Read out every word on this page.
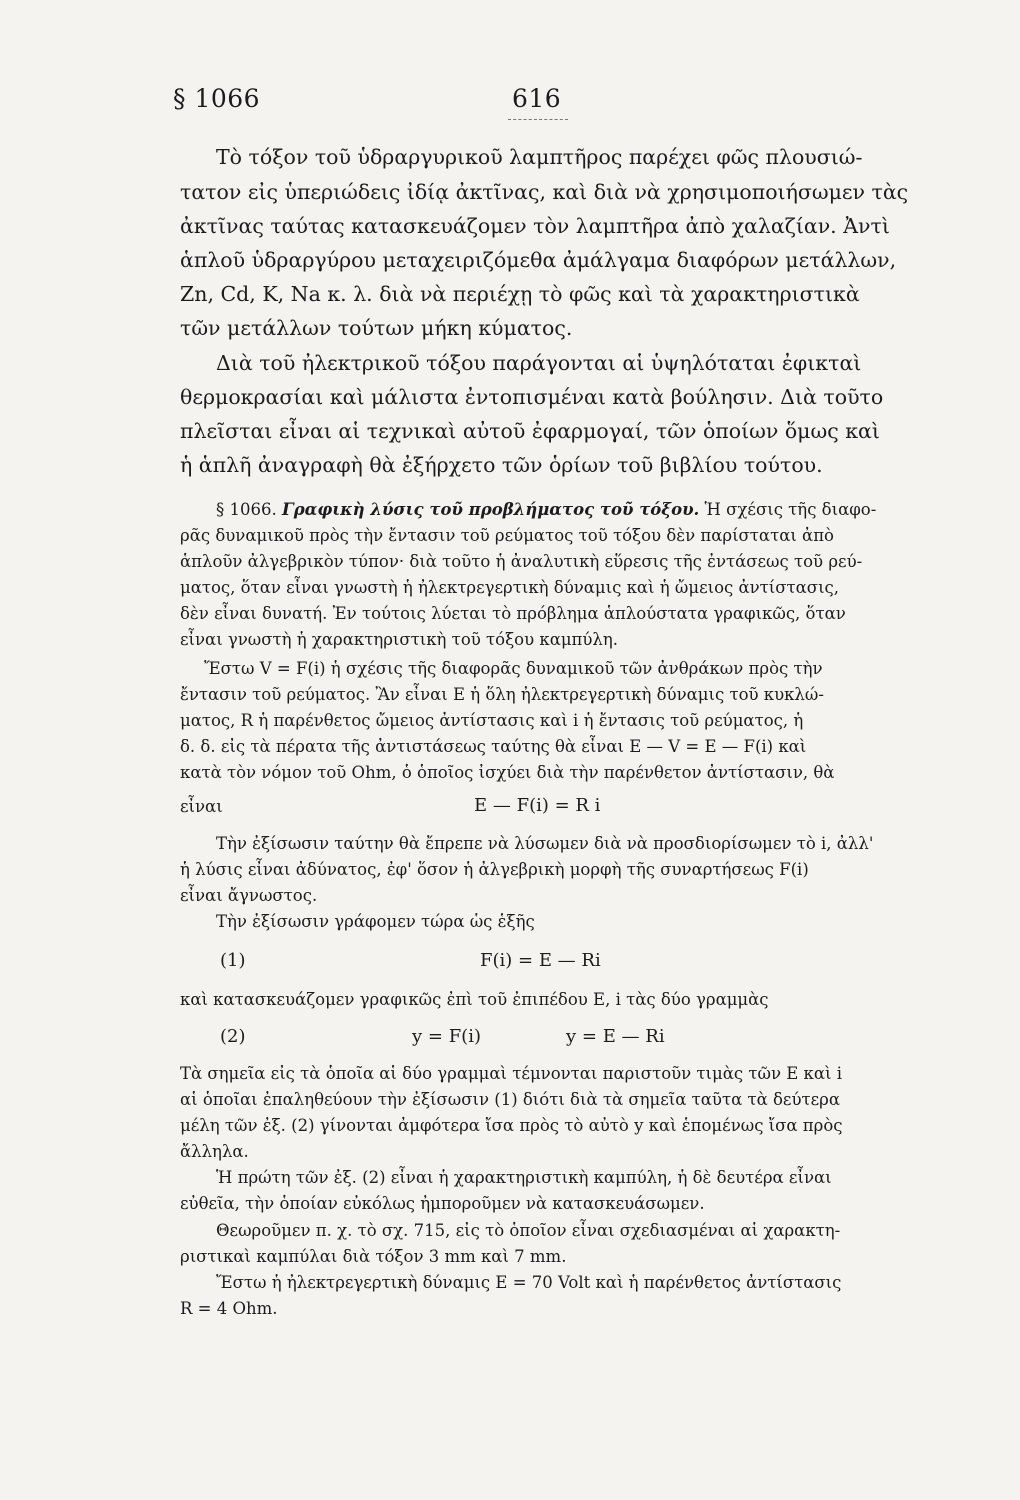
§ 1066	616
Τὸ τόξον τοῦ ὑδραργυρικοῦ λαμπτῆρος παρέχει φῶς πλουσιώ-
τατον εἰς ὑπεριώδεις ἰδίᾳ ἀκτῖνας, καὶ διὰ νὰ χρησιμοποιήσωμεν τὰς
ἀκτῖνας ταύτας κατασκευάζομεν τὸν λαμπτῆρα ἀπὸ χαλαζίαν. Ἀντὶ
ἁπλοῦ ὑδραργύρου μεταχειριζόμεθα ἀμάλγαμα διαφόρων μετάλλων,
Zn, Cd, K, Na κ. λ. διὰ νὰ περιέχῃ τὸ φῶς καὶ τὰ χαρακτηριστικὰ
τῶν μετάλλων τούτων μήκη κύματος.
Διὰ τοῦ ἠλεκτρικοῦ τόξου παράγονται αἱ ὑψηλόταται ἐφικταὶ
θερμοκρασίαι καὶ μάλιστα ἐντοπισμέναι κατὰ βούλησιν. Διὰ τοῦτο
πλεῖσται εἶναι αἱ τεχνικαὶ αὐτοῦ ἐφαρμογαί, τῶν ὁποίων ὅμως καὶ
ἡ ἁπλῆ ἀναγραφὴ θὰ ἐξήρχετο τῶν ὁρίων τοῦ βιβλίου τούτου.
§ 1066. Γραφικὴ λύσις τοῦ προβλήματος τοῦ τόξου. Ἡ σχέσις τῆς διαφο-
ρᾶς δυναμικοῦ πρὸς τὴν ἔντασιν τοῦ ρεύματος τοῦ τόξου δὲν παρίσταται ἀπὸ
ἁπλοῦν ἀλγεβρικὸν τύπον· διὰ τοῦτο ἡ ἀναλυτικὴ εὕρεσις τῆς ἐντάσεως τοῦ ρεύ-
ματος, ὅταν εἶναι γνωστὴ ἡ ἠλεκτρεγερτικὴ δύναμις καὶ ἡ ὤμειος ἀντίστασις,
δὲν εἶναι δυνατή. Ἐν τούτοις λύεται τὸ πρόβλημα ἁπλούστατα γραφικῶς, ὅταν
εἶναι γνωστὴ ἡ χαρακτηριστικὴ τοῦ τόξου καμπύλη.
Ἔστω V = F(i) ἡ σχέσις τῆς διαφορᾶς δυναμικοῦ τῶν ἀνθράκων πρὸς τὴν
ἔντασιν τοῦ ρεύματος. Ἂν εἶναι E ἡ ὅλη ἠλεκτρεγερτικὴ δύναμις τοῦ κυκλώ-
ματος, R ἡ παρένθετος ὤμειος ἀντίστασις καὶ i ἡ ἔντασις τοῦ ρεύματος, ἡ
δ. δ. εἰς τὰ πέρατα τῆς ἀντιστάσεως ταύτης θὰ εἶναι E — V = E — F(i) καὶ
κατὰ τὸν νόμον τοῦ Ohm, ὁ ὁποῖος ἰσχύει διὰ τὴν παρένθετον ἀντίστασιν, θὰ
εἶναι	E — F(i) = R i
Τὴν ἐξίσωσιν ταύτην θὰ ἔπρεπε νὰ λύσωμεν διὰ νὰ προσδιορίσωμεν τὸ i, ἀλλ'
ἡ λύσις εἶναι ἀδύνατος, ἐφ' ὅσον ἡ ἀλγεβρικὴ μορφὴ τῆς συναρτήσεως F(i)
εἶναι ἄγνωστος.
Τὴν ἐξίσωσιν γράφομεν τώρα ὡς ἑξῆς
(1)	F(i) = E — Ri
καὶ κατασκευάζομεν γραφικῶς ἐπὶ τοῦ ἐπιπέδου E, i τὰς δύο γραμμὰς
(2)	y = F(i)	y = E — Ri
Τὰ σημεῖα εἰς τὰ ὁποῖα αἱ δύο γραμμαὶ τέμνονται παριστοῦν τιμὰς τῶν E καὶ i
αἱ ὁποῖαι ἐπαληθεύουν τὴν ἐξίσωσιν (1) διότι διὰ τὰ σημεῖα ταῦτα τὰ δεύτερα
μέλη τῶν ἐξ. (2) γίνονται ἀμφότερα ἴσα πρὸς τὸ αὐτὸ y καὶ ἑπομένως ἴσα πρὸς
ἄλληλα.
Ἡ πρώτη τῶν ἐξ. (2) εἶναι ἡ χαρακτηριστικὴ καμπύλη, ἡ δὲ δευτέρα εἶναι
εὐθεῖα, τὴν ὁποίαν εὐκόλως ἠμποροῦμεν νὰ κατασκευάσωμεν.
Θεωροῦμεν π. χ. τὸ σχ. 715, εἰς τὸ ὁποῖον εἶναι σχεδιασμέναι αἱ χαρακτη-
ριστικαὶ καμπύλαι διὰ τόξον 3 mm καὶ 7 mm.
Ἔστω ἡ ἠλεκτρεγερτικὴ δύναμις E = 70 Volt καὶ ἡ παρένθετος ἀντίστασις
R = 4 Ohm.
